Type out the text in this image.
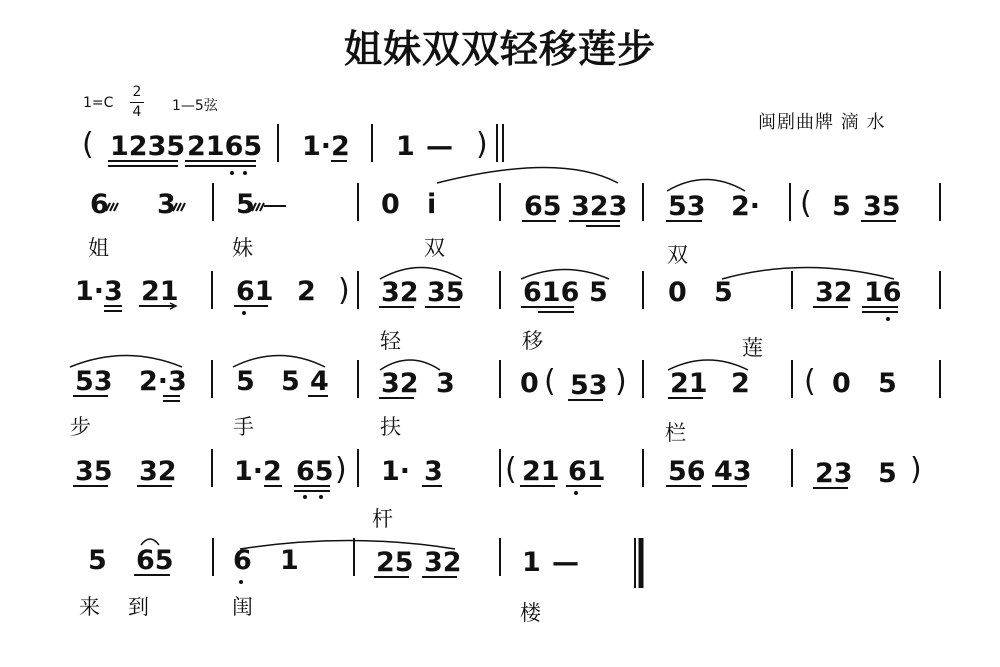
姐妹双双轻移莲步
1=C
2
4 1—5弦
闽剧曲牌 滴 水
( 1235 2165 1·2 1 — )
6 3 5	0 i	65 323 53 2· ( 5 35
姐	妹	双	双
1·3 21 61 2 ) 32 35 616 5 0 5	32 16
轻	移	莲
53 2·3 5 5 4 32 3 0 ( 53 ) 21 2 ( 0 5
步	手	扶	栏
35 32 1·2 65 ) 1· 3 ( 21 61 56 43 23 5 )
杆
5 65 6 1	25 32 1 —
来 到	闺	楼
